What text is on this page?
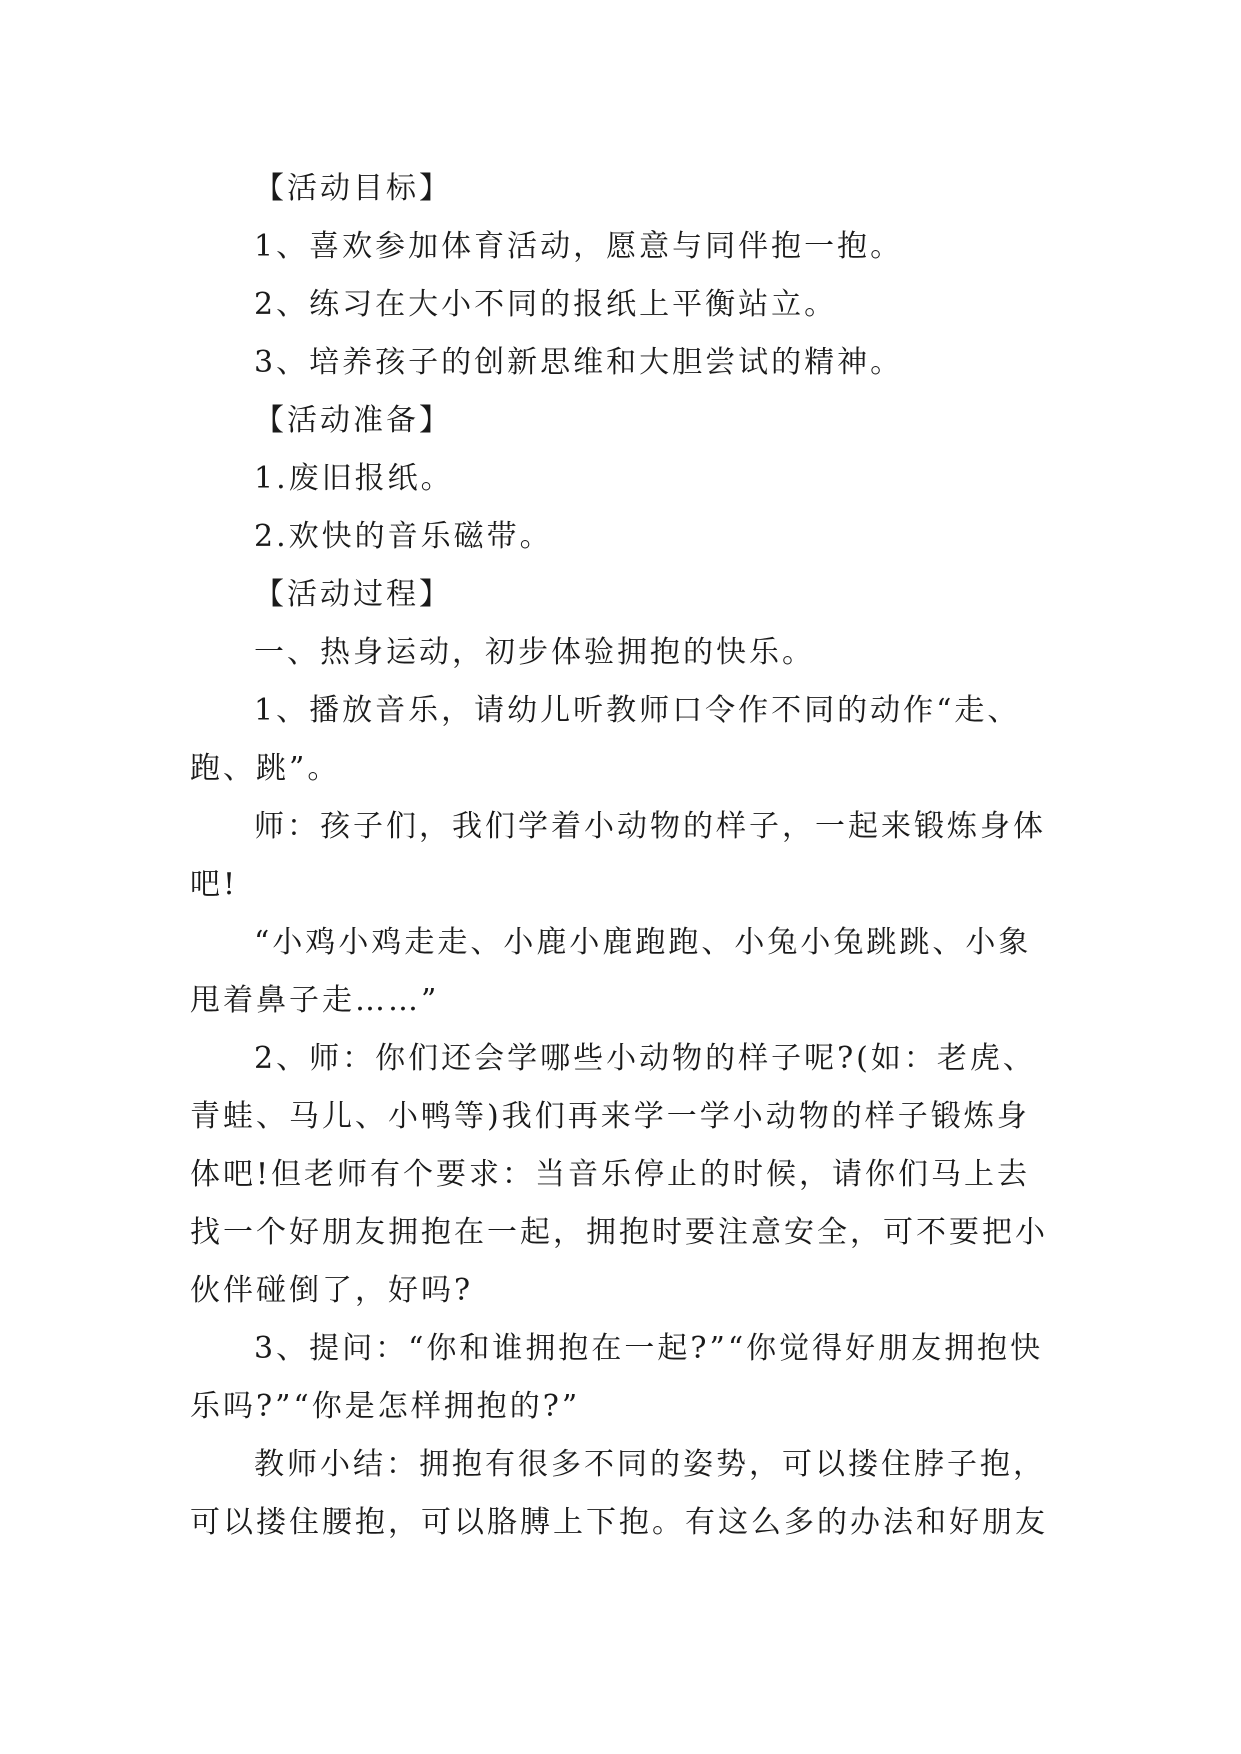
【活动目标】
1、喜欢参加体育活动，愿意与同伴抱一抱。
2、练习在大小不同的报纸上平衡站立。
3、培养孩子的创新思维和大胆尝试的精神。
【活动准备】
1.废旧报纸。
2.欢快的音乐磁带。
【活动过程】
一、热身运动，初步体验拥抱的快乐。
1、播放音乐，请幼儿听教师口令作不同的动作“走、
跑、跳”。
师：孩子们，我们学着小动物的样子，一起来锻炼身体
吧!
“小鸡小鸡走走、小鹿小鹿跑跑、小兔小兔跳跳、小象
甩着鼻子走……”
2、师：你们还会学哪些小动物的样子呢?(如：老虎、
青蛙、马儿、小鸭等)我们再来学一学小动物的样子锻炼身
体吧!但老师有个要求：当音乐停止的时候，请你们马上去
找一个好朋友拥抱在一起，拥抱时要注意安全，可不要把小
伙伴碰倒了，好吗?
3、提问：“你和谁拥抱在一起?”“你觉得好朋友拥抱快
乐吗?”“你是怎样拥抱的?”
教师小结：拥抱有很多不同的姿势，可以搂住脖子抱，
可以搂住腰抱，可以胳膊上下抱。有这么多的办法和好朋友
